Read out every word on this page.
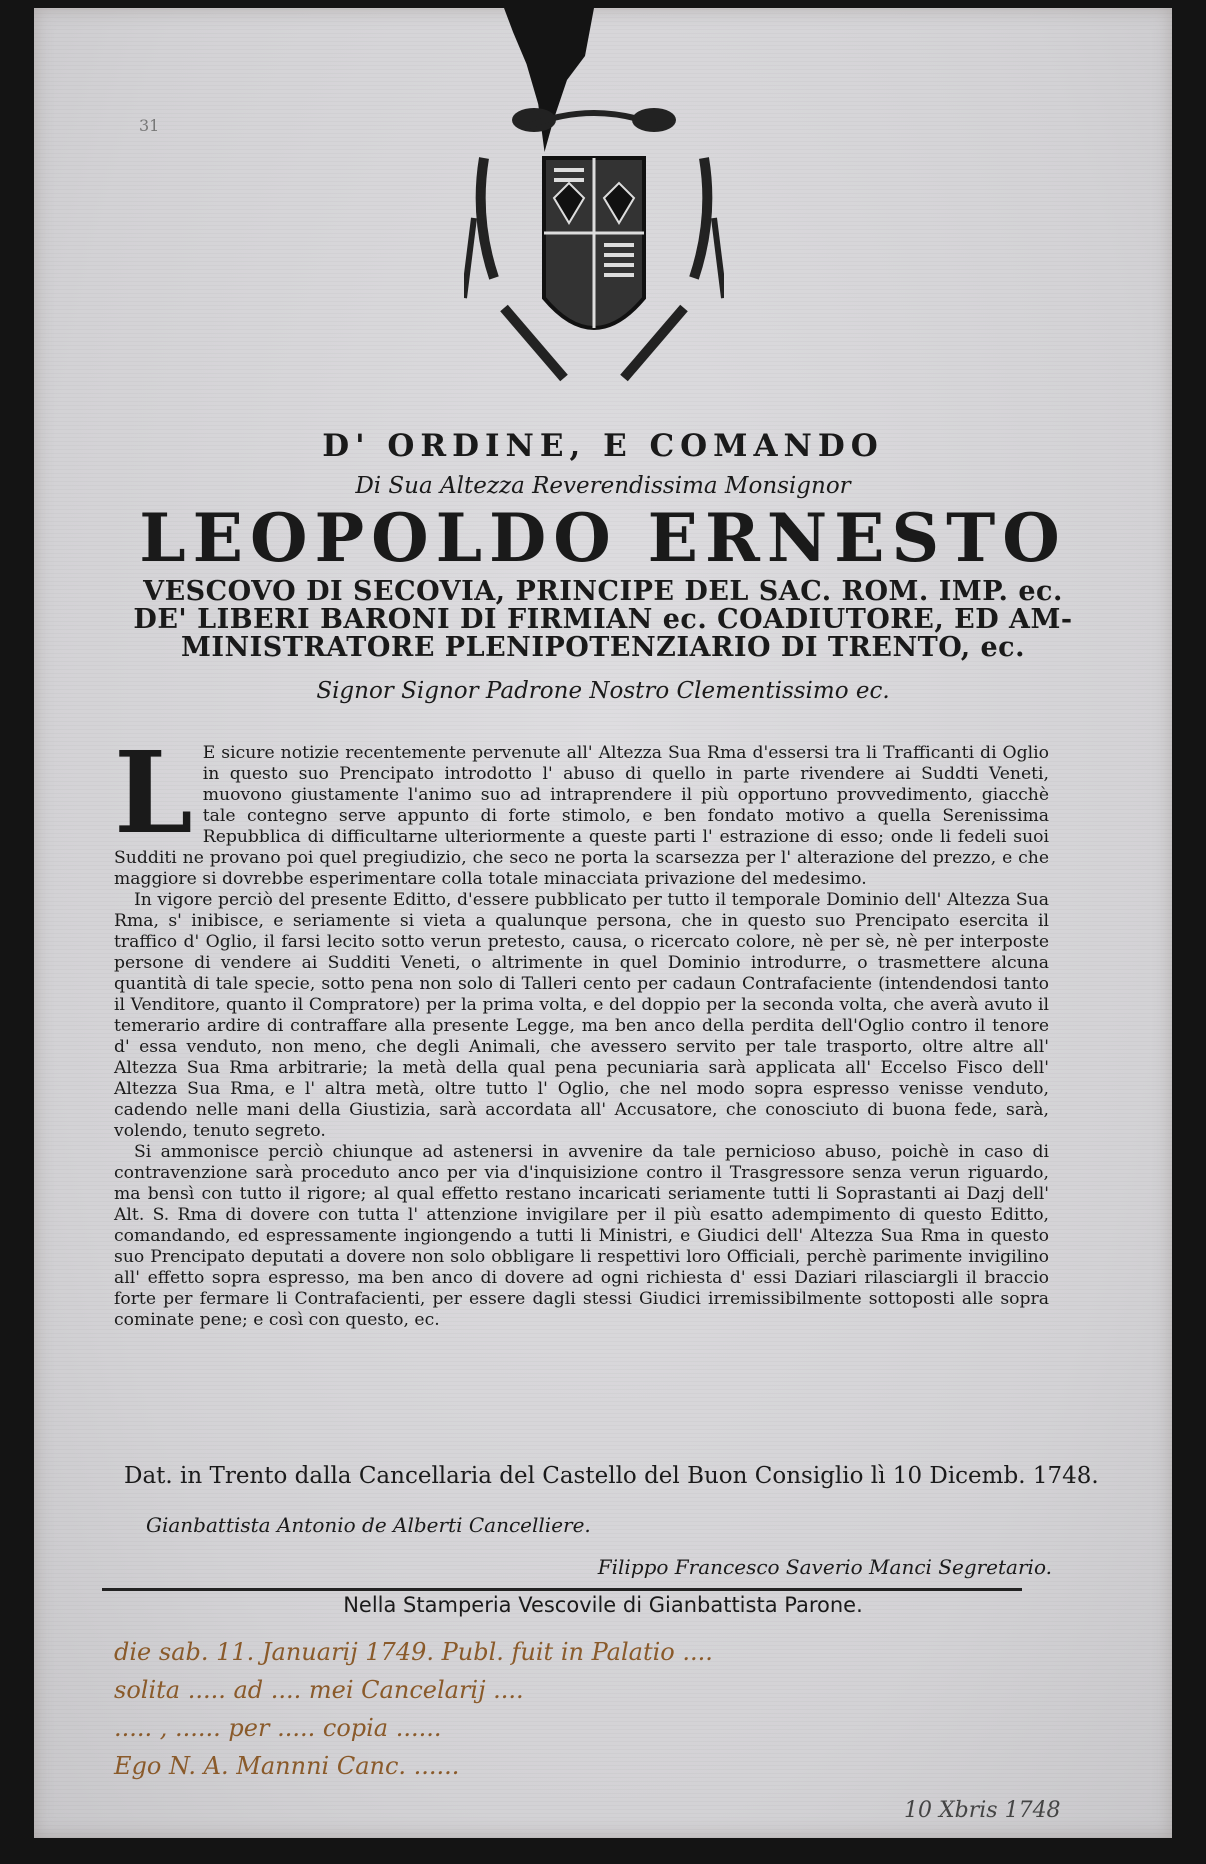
31
D' ORDINE, E COMANDO
Di Sua Altezza Reverendissima Monsignor
LEOPOLDO ERNESTO
VESCOVO DI SECOVIA, PRINCIPE DEL SAC. ROM. IMP. ec.
DE' LIBERI BARONI DI FIRMIAN ec. COADIUTORE, ED AM-
MINISTRATORE PLENIPOTENZIARIO DI TRENTO, ec.
Signor Signor Padrone Nostro Clementissimo ec.

L E sicure notizie recentemente pervenute all' Altezza Sua Rma d'essersi tra li Trafficanti di Oglio in questo suo Prencipato introdotto l' abuso di quello in parte rivendere ai Suddti Veneti, muovono giustamente l'animo suo ad intraprendere il più opportuno provvedimento, giacchè tale contegno serve appunto di forte stimolo, e ben fondato motivo a quella Serenissima Repubblica di difficultarne ulteriormente a queste parti l' estrazione di esso; onde li fedeli suoi Sudditi ne provano poi quel pregiudizio, che seco ne porta la scarsezza per l' alterazione del prezzo, e che maggiore si dovrebbe esperimentare colla totale minacciata privazione del medesimo.

In vigore perciò del presente Editto, d'essere pubblicato per tutto il temporale Dominio dell' Altezza Sua Rma, s' inibisce, e seriamente si vieta a qualunque persona, che in questo suo Prencipato esercita il traffico d' Oglio, il farsi lecito sotto verun pretesto, causa, o ricercato colore, nè per sè, nè per interposte persone di vendere ai Sudditi Veneti, o altrimente in quel Dominio introdurre, o trasmettere alcuna quantità di tale specie, sotto pena non solo di Talleri cento per cadaun Contrafaciente (intendendosi tanto il Venditore, quanto il Compratore) per la prima volta, e del doppio per la seconda volta, che averà avuto il temerario ardire di contraffare alla presente Legge, ma ben anco della perdita dell'Oglio contro il tenore d' essa venduto, non meno, che degli Animali, che avessero servito per tale trasporto, oltre altre all' Altezza Sua Rma arbitrarie; la metà della qual pena pecuniaria sarà applicata all' Eccelso Fisco dell' Altezza Sua Rma, e l' altra metà, oltre tutto l' Oglio, che nel modo sopra espresso venisse venduto, cadendo nelle mani della Giustizia, sarà accordata all' Accusatore, che conosciuto di buona fede, sarà, volendo, tenuto segreto.

Si ammonisce perciò chiunque ad astenersi in avvenire da tale pernicioso abuso, poichè in caso di contravenzione sarà proceduto anco per via d'inquisizione contro il Trasgressore senza verun riguardo, ma bensì con tutto il rigore; al qual effetto restano incaricati seriamente tutti li Soprastanti ai Dazj dell' Alt. S. Rma di dovere con tutta l' attenzione invigilare per il più esatto adempimento di questo Editto, comandando, ed espressamente ingiongendo a tutti li Ministri, e Giudici dell' Altezza Sua Rma in questo suo Prencipato deputati a dovere non solo obbligare li respettivi loro Officiali, perchè parimente invigilino all' effetto sopra espresso, ma ben anco di dovere ad ogni richiesta d' essi Daziari rilasciargli il braccio forte per fermare li Contrafacienti, per essere dagli stessi Giudici irremissibilmente sottoposti alle sopra cominate pene; e così con questo, ec.

Dat. in Trento dalla Cancellaria del Castello del Buon Consiglio lì 10 Dicemb. 1748.
Gianbattista Antonio de Alberti Cancelliere.
Filippo Francesco Saverio Manci Segretario.
Nella Stamperia Vescovile di Gianbattista Parone.
die sab. 11. Januarij 1749. Publ. fuit in Palatio ....
solita ..... ad .... mei Cancelarij ....
..... , ...... per ..... copia ......
Ego N. A. Mannni Canc. ......
10 Xbris 1748
